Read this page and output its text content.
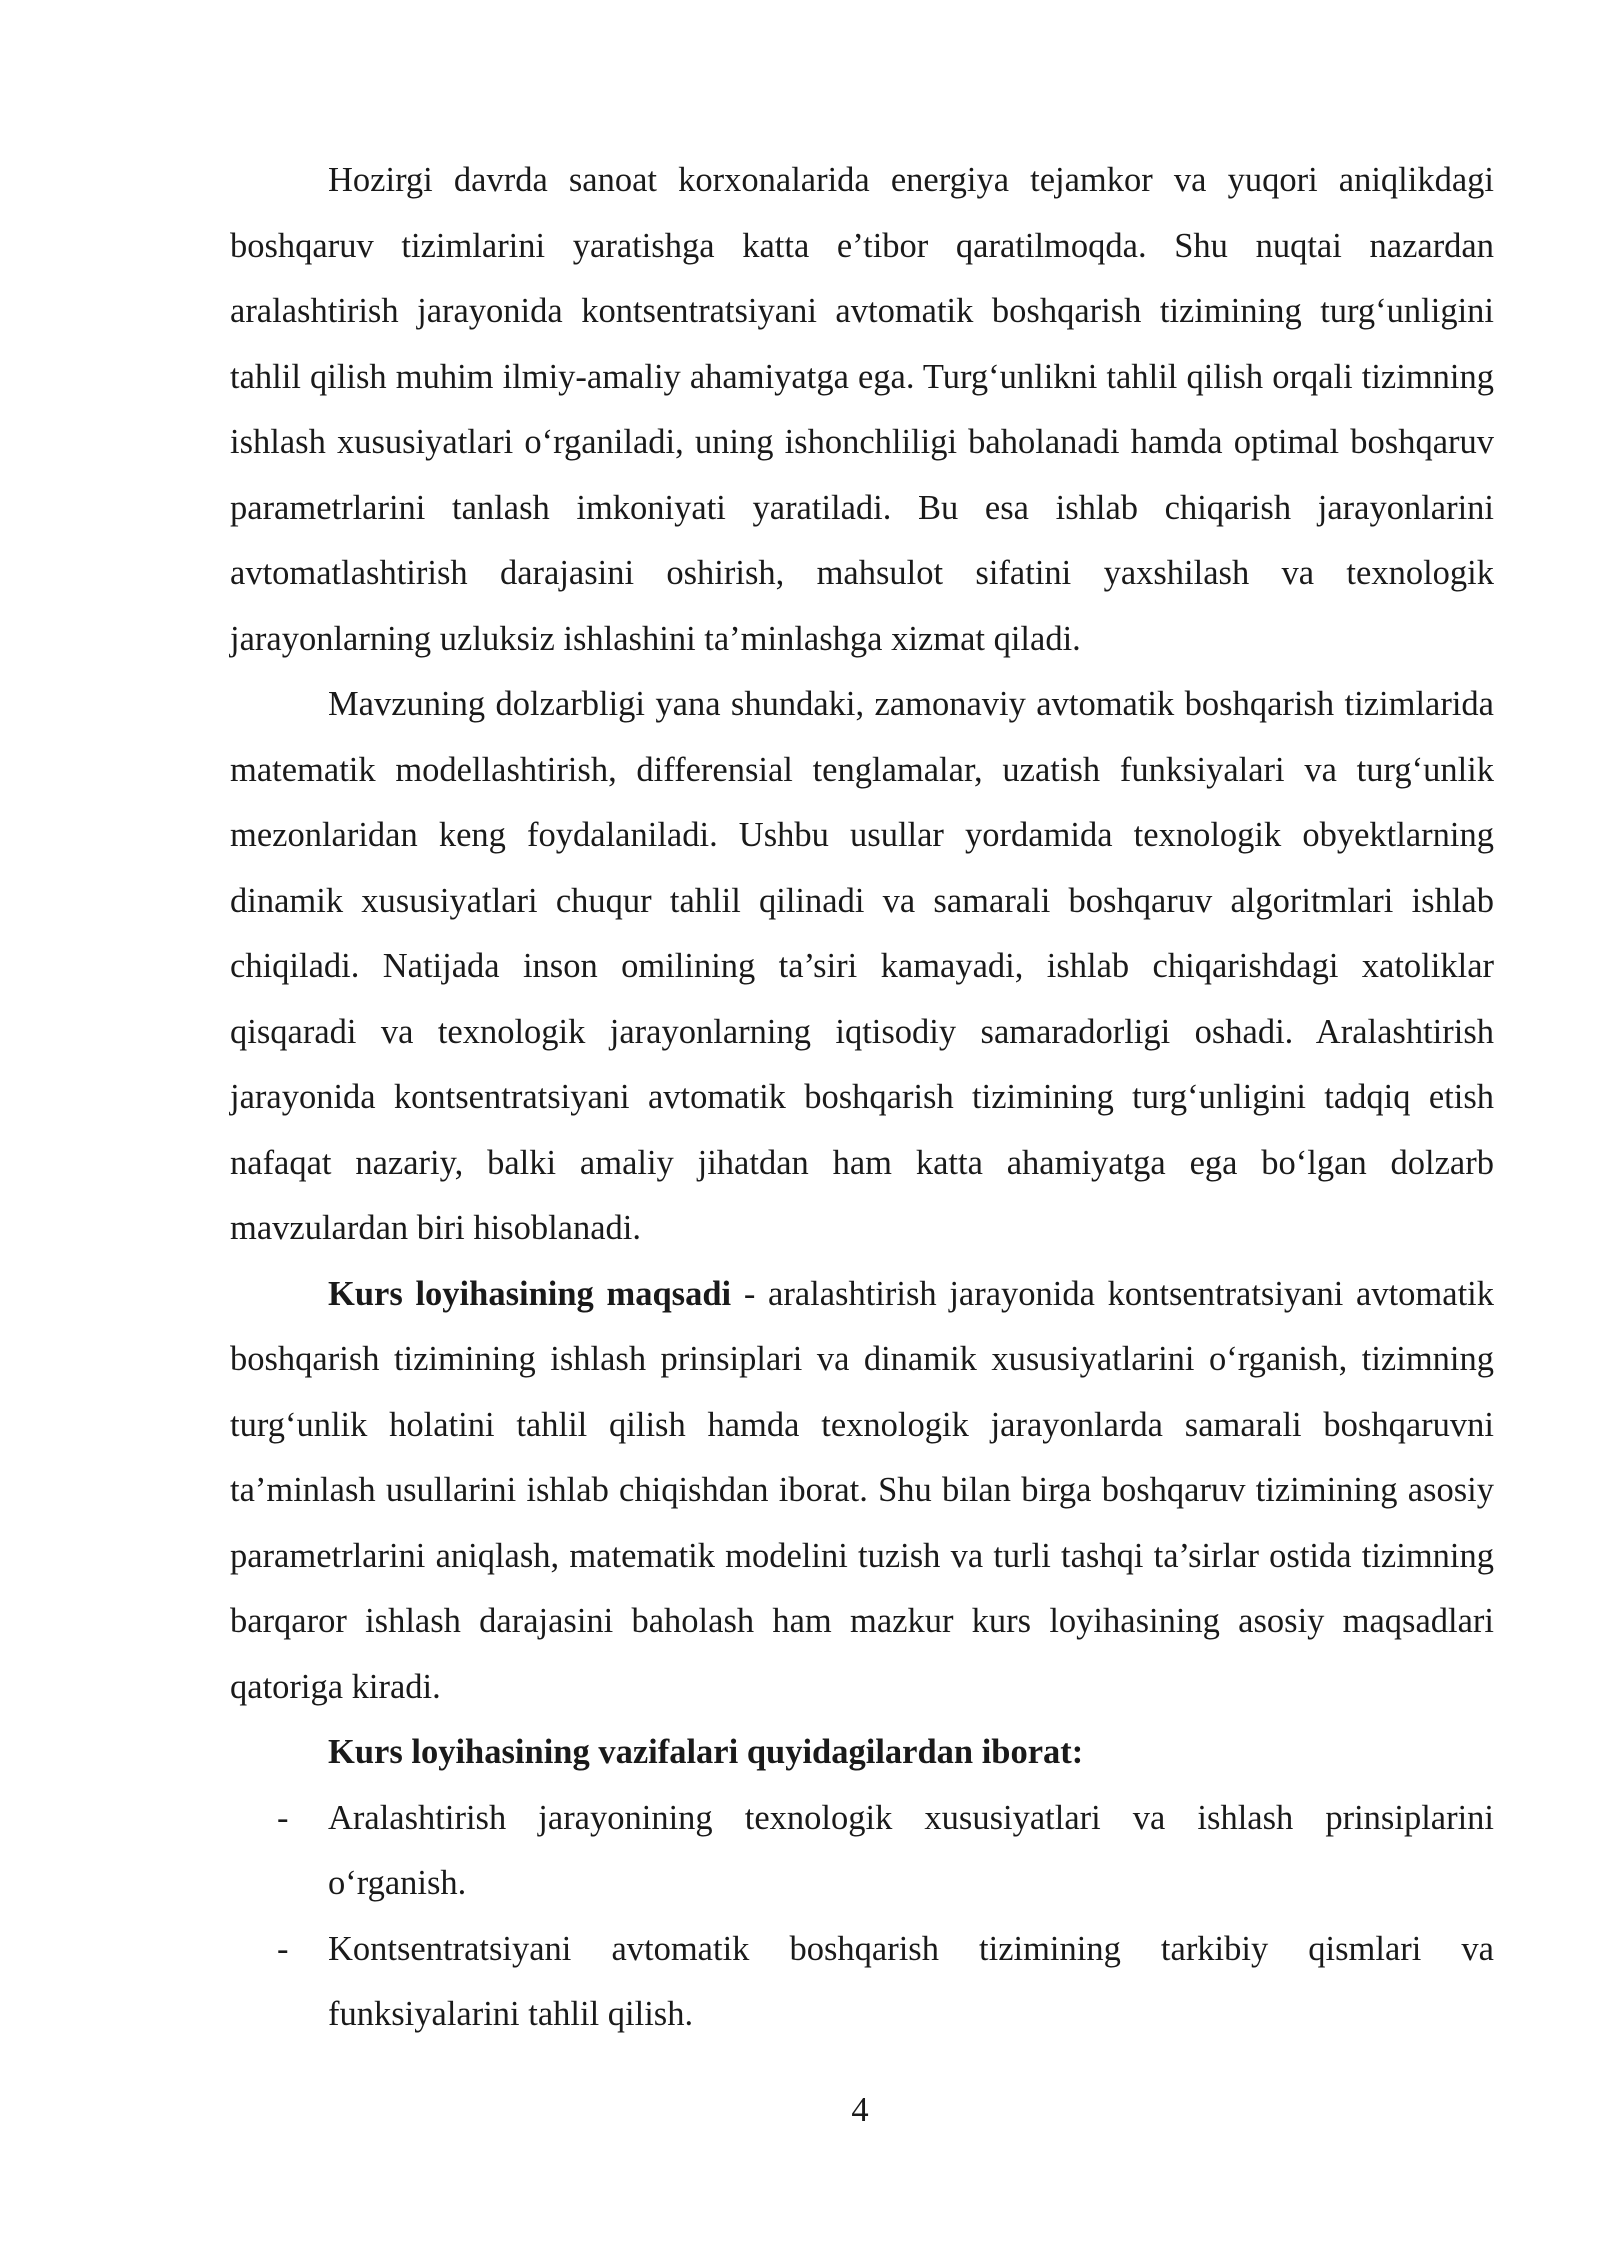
Hozirgi davrda sanoat korxonalarida energiya tejamkor va yuqori aniqlikdagi boshqaruv tizimlarini yaratishga katta e’tibor qaratilmoqda. Shu nuqtai nazardan aralashtirish jarayonida kontsentratsiyani avtomatik boshqarish tizimining turg‘unligini tahlil qilish muhim ilmiy-amaliy ahamiyatga ega. Turg‘unlikni tahlil qilish orqali tizimning ishlash xususiyatlari o‘rganiladi, uning ishonchliligi baholanadi hamda optimal boshqaruv parametrlarini tanlash imkoniyati yaratiladi. Bu esa ishlab chiqarish jarayonlarini avtomatlashtirish darajasini oshirish, mahsulot sifatini yaxshilash va texnologik jarayonlarning uzluksiz ishlashini ta’minlashga xizmat qiladi.

Mavzuning dolzarbligi yana shundaki, zamonaviy avtomatik boshqarish tizimlarida matematik modellashtirish, differensial tenglamalar, uzatish funksiyalari va turg‘unlik mezonlaridan keng foydalaniladi. Ushbu usullar yordamida texnologik obyektlarning dinamik xususiyatlari chuqur tahlil qilinadi va samarali boshqaruv algoritmlari ishlab chiqiladi. Natijada inson omilining ta’siri kamayadi, ishlab chiqarishdagi xatoliklar qisqaradi va texnologik jarayonlarning iqtisodiy samaradorligi oshadi. Aralashtirish jarayonida kontsentratsiyani avtomatik boshqarish tizimining turg‘unligini tadqiq etish nafaqat nazariy, balki amaliy jihatdan ham katta ahamiyatga ega bo‘lgan dolzarb mavzulardan biri hisoblanadi.

Kurs loyihasining maqsadi - aralashtirish jarayonida kontsentratsiyani avtomatik boshqarish tizimining ishlash prinsiplari va dinamik xususiyatlarini o‘rganish, tizimning turg‘unlik holatini tahlil qilish hamda texnologik jarayonlarda samarali boshqaruvni ta’minlash usullarini ishlab chiqishdan iborat. Shu bilan birga boshqaruv tizimining asosiy parametrlarini aniqlash, matematik modelini tuzish va turli tashqi ta’sirlar ostida tizimning barqaror ishlash darajasini baholash ham mazkur kurs loyihasining asosiy maqsadlari qatoriga kiradi.

Kurs loyihasining vazifalari quyidagilardan iborat:

- Aralashtirish jarayonining texnologik xususiyatlari va ishlash prinsiplarini o‘rganish.
- Kontsentratsiyani avtomatik boshqarish tizimining tarkibiy qismlari va funksiyalarini tahlil qilish.
4
